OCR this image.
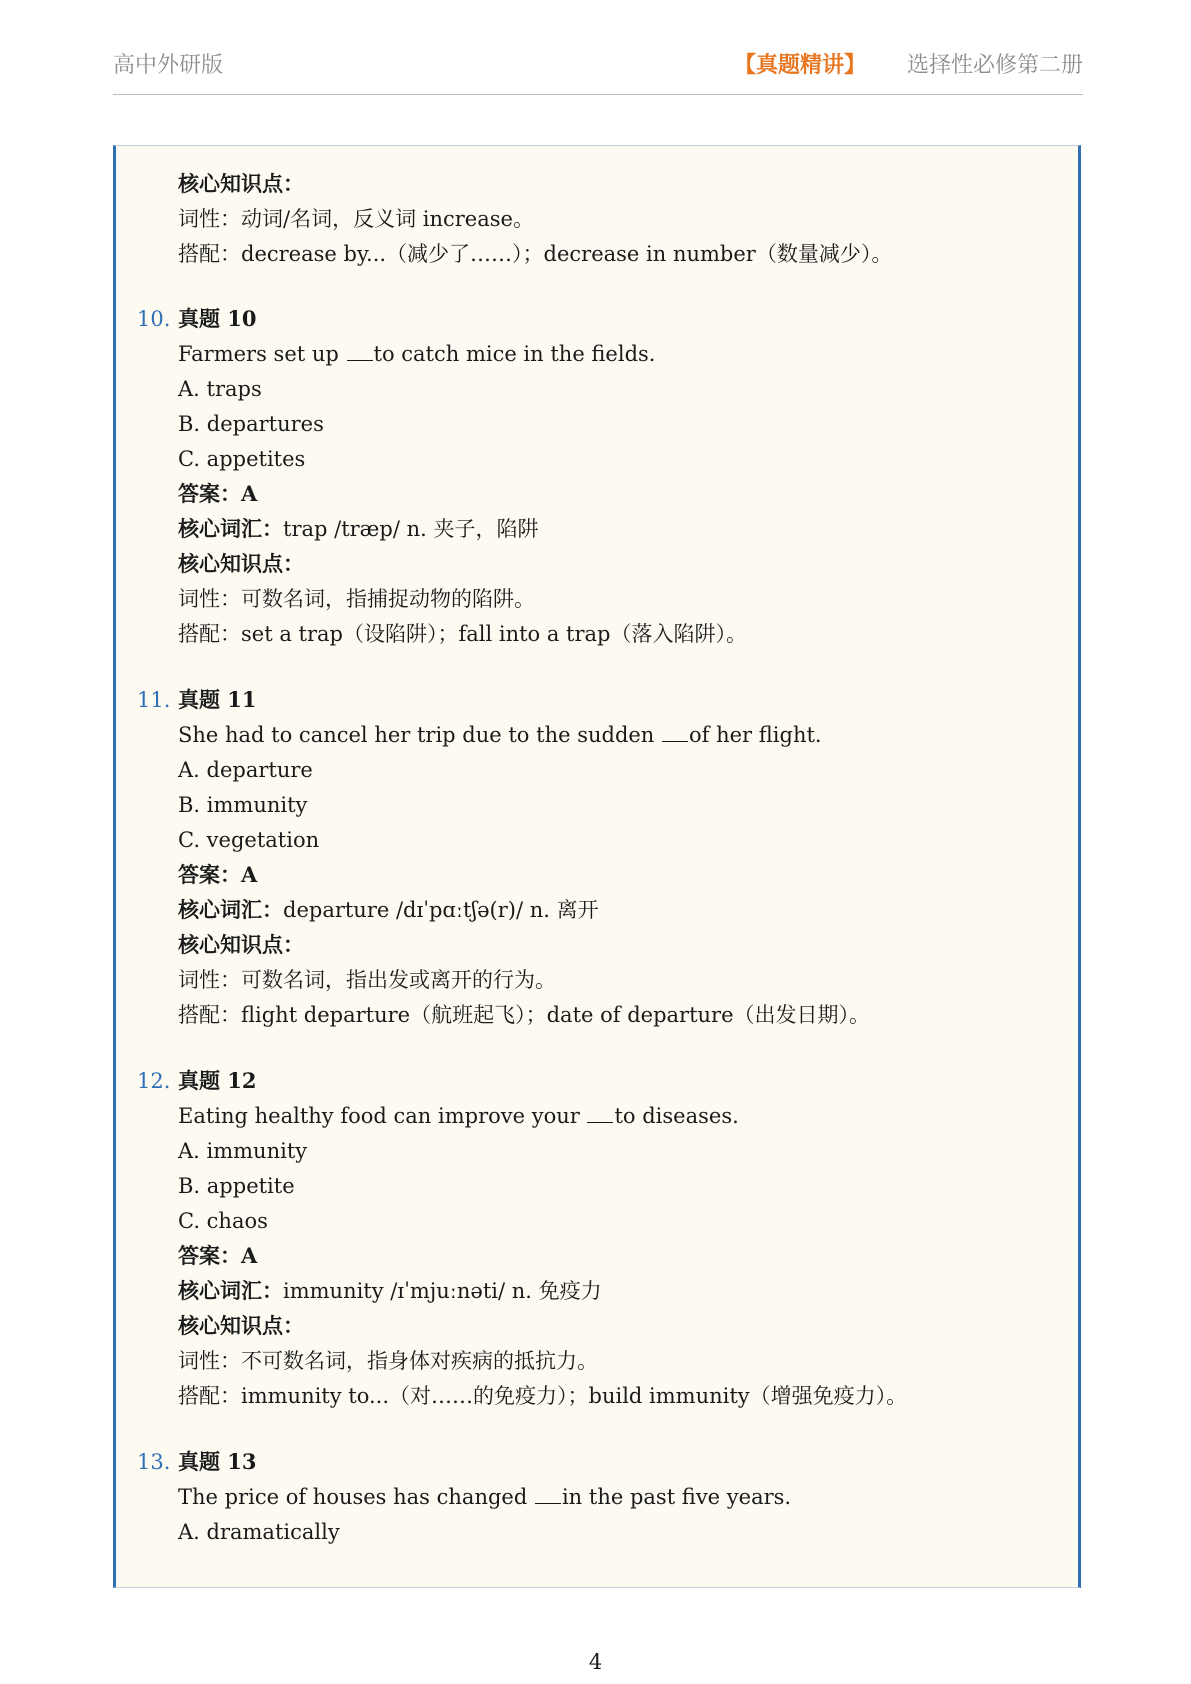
高中外研版	【真题精讲】 选择性必修第二册
核心知识点：
词性：动词/名词，反义词 increase。
搭配：decrease by...（减少了……）；decrease in number（数量减少）。
10. 真题 10
Farmers set up to catch mice in the fields.
A. traps
B. departures
C. appetites
答案：A
核心词汇：trap /træp/ n. 夹子，陷阱
核心知识点：
词性：可数名词，指捕捉动物的陷阱。
搭配：set a trap（设陷阱）；fall into a trap（落入陷阱）。
11. 真题 11
She had to cancel her trip due to the sudden of her flight.
A. departure
B. immunity
C. vegetation
答案：A
核心词汇：departure /dɪˈpɑːtʃə(r)/ n. 离开
核心知识点：
词性：可数名词，指出发或离开的行为。
搭配：flight departure（航班起飞）；date of departure（出发日期）。
12. 真题 12
Eating healthy food can improve your to diseases.
A. immunity
B. appetite
C. chaos
答案：A
核心词汇：immunity /ɪˈmjuːnəti/ n. 免疫力
核心知识点：
词性：不可数名词，指身体对疾病的抵抗力。
搭配：immunity to...（对……的免疫力）；build immunity（增强免疫力）。
13. 真题 13
The price of houses has changed in the past five years.
A. dramatically
4
